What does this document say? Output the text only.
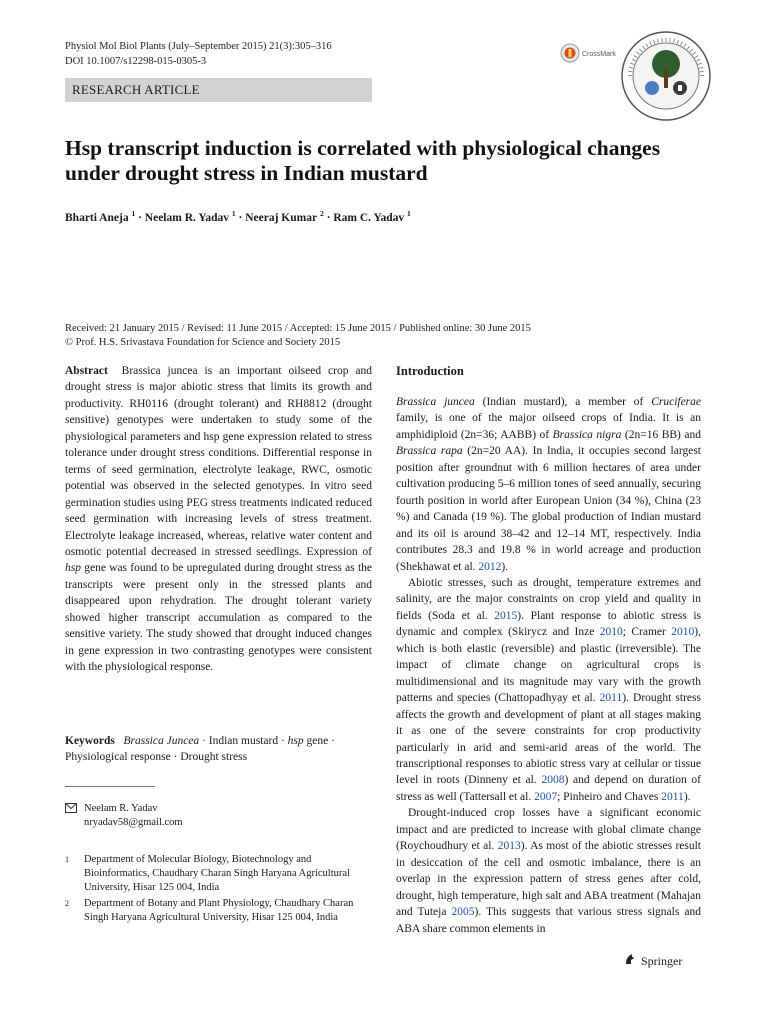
Physiol Mol Biol Plants (July–September 2015) 21(3):305–316
DOI 10.1007/s12298-015-0305-3
RESEARCH ARTICLE
CrossMark
Hsp transcript induction is correlated with physiological changes under drought stress in Indian mustard
Bharti Aneja $^1$ · Neelam R. Yadav $^1$ · Neeraj Kumar $^2$ · Ram C. Yadav $^1$
Received: 21 January 2015 / Revised: 11 June 2015 / Accepted: 15 June 2015 / Published online: 30 June 2015
© Prof. H.S. Srivastava Foundation for Science and Society 2015

Abstract Brassica juncea is an important oilseed crop and drought stress is major abiotic stress that limits its growth and productivity. RH0116 (drought tolerant) and RH8812 (drought sensitive) genotypes were undertaken to study some of the physiological parameters and hsp gene expression related to stress tolerance under drought stress conditions. Differential response in terms of seed germination, electrolyte leakage, RWC, osmotic potential was observed in the selected genotypes. In vitro seed germination studies using PEG stress treatments indicated reduced seed germination with increasing levels of stress treatment. Electrolyte leakage increased, whereas, relative water content and osmotic potential decreased in stressed seedlings. Expression of hsp gene was found to be upregulated during drought stress as the transcripts were present only in the stressed plants and disappeared upon rehydration. The drought tolerant variety showed higher transcript accumulation as compared to the sensitive variety. The study showed that drought induced changes in gene expression in two contrasting genotypes were consistent with the physiological response.

Keywords Brassica Juncea · Indian mustard · hsp gene ·
Physiological response · Drought stress
Neelam R. Yadav
nryadav58@gmail.com
1 Department of Molecular Biology, Biotechnology and Bioinformatics, Chaudhary Charan Singh Haryana Agricultural University, Hisar 125 004, India
2 Department of Botany and Plant Physiology, Chaudhary Charan Singh Haryana Agricultural University, Hisar 125 004, India
Introduction

Brassica juncea (Indian mustard), a member of Cruciferae family, is one of the major oilseed crops of India. It is an amphidiploid (2n=36; AABB) of Brassica nigra (2n=16 BB) and Brassica rapa (2n=20 AA). In India, it occupies second largest position after groundnut with 6 million hectares of area under cultivation producing 5–6 million tones of seed annually, securing fourth position in world after European Union (34 %), China (23 %) and Canada (19 %). The global production of Indian mustard and its oil is around 38–42 and 12–14 MT, respectively. India contributes 28.3 and 19.8 % in world acreage and production (Shekhawat et al. 2012).

Abiotic stresses, such as drought, temperature extremes and salinity, are the major constraints on crop yield and quality in fields (Soda et al. 2015). Plant response to abiotic stress is dynamic and complex (Skirycz and Inze 2010; Cramer 2010), which is both elastic (reversible) and plastic (irreversible). The impact of climate change on agricultural crops is multidimensional and its magnitude may vary with the growth patterns and species (Chattopadhyay et al. 2011). Drought stress affects the growth and development of plant at all stages making it as one of the severe constraints for crop productivity particularly in arid and semi-arid areas of the world. The transcriptional responses to abiotic stress vary at cellular or tissue level in roots (Dinneny et al. 2008) and depend on duration of stress as well (Tattersall et al. 2007; Pinheiro and Chaves 2011).

Drought-induced crop losses have a significant economic impact and are predicted to increase with global climate change (Roychoudhury et al. 2013). As most of the abiotic stresses result in desiccation of the cell and osmotic imbalance, there is an overlap in the expression pattern of stress genes after cold, drought, high temperature, high salt and ABA treatment (Mahajan and Tuteja 2005). This suggests that various stress signals and ABA share common elements in

Springer
